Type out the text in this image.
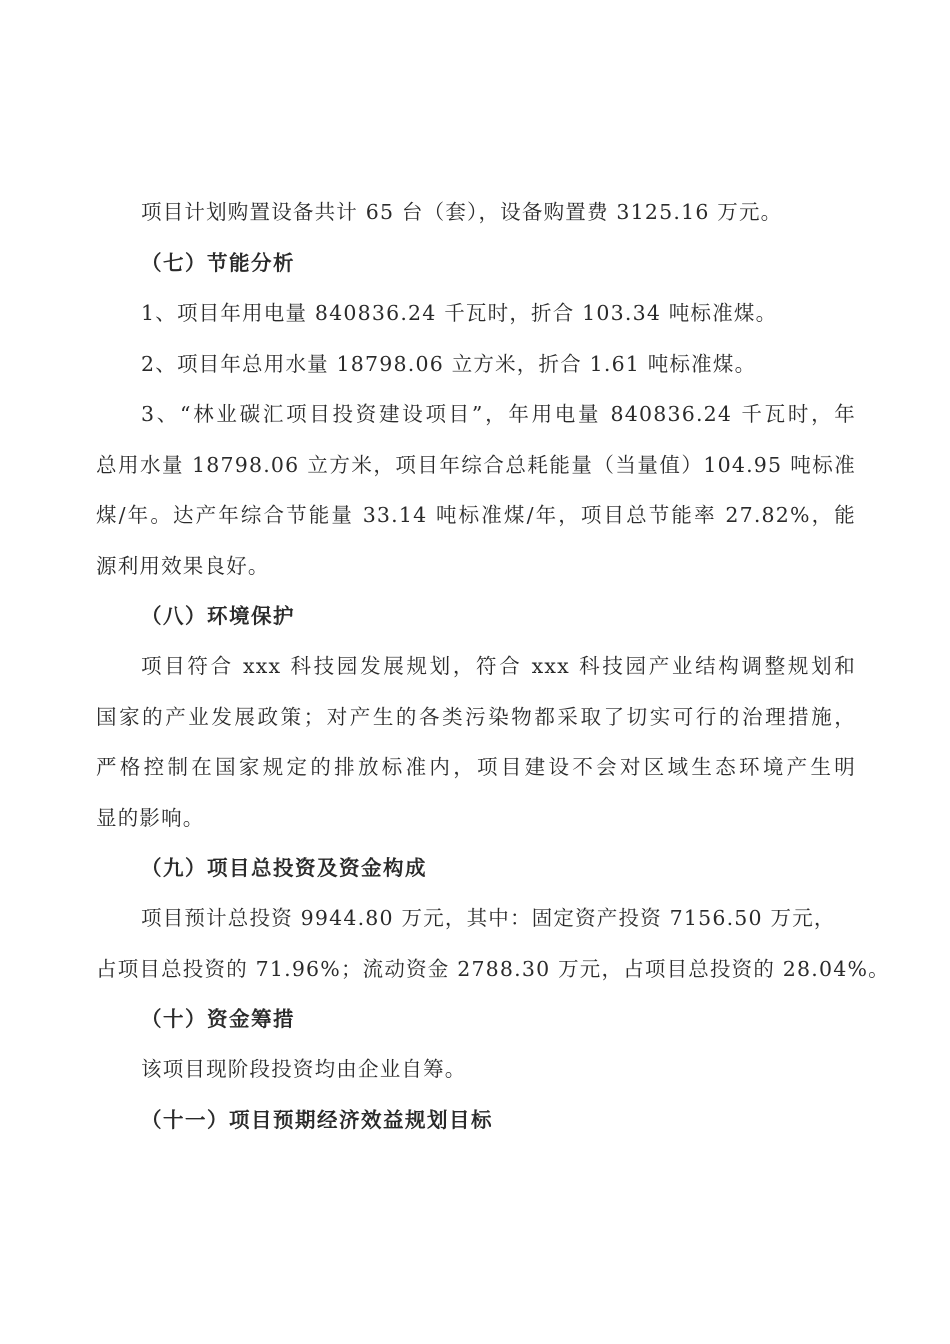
项目计划购置设备共计 65 台（套），设备购置费 3125.16 万元。
（七）节能分析
1、项目年用电量 840836.24 千瓦时，折合 103.34 吨标准煤。
2、项目年总用水量 18798.06 立方米，折合 1.61 吨标准煤。
3、“林业碳汇项目投资建设项目”，年用电量 840836.24 千瓦时，年
总用水量 18798.06 立方米，项目年综合总耗能量（当量值）104.95 吨标准
煤/年。达产年综合节能量 33.14 吨标准煤/年，项目总节能率 27.82%，能
源利用效果良好。
（八）环境保护
项目符合 xxx 科技园发展规划，符合 xxx 科技园产业结构调整规划和
国家的产业发展政策；对产生的各类污染物都采取了切实可行的治理措施，
严格控制在国家规定的排放标准内，项目建设不会对区域生态环境产生明
显的影响。
（九）项目总投资及资金构成
项目预计总投资 9944.80 万元，其中：固定资产投资 7156.50 万元，
占项目总投资的 71.96%；流动资金 2788.30 万元，占项目总投资的 28.04%。
（十）资金筹措
该项目现阶段投资均由企业自筹。
（十一）项目预期经济效益规划目标
